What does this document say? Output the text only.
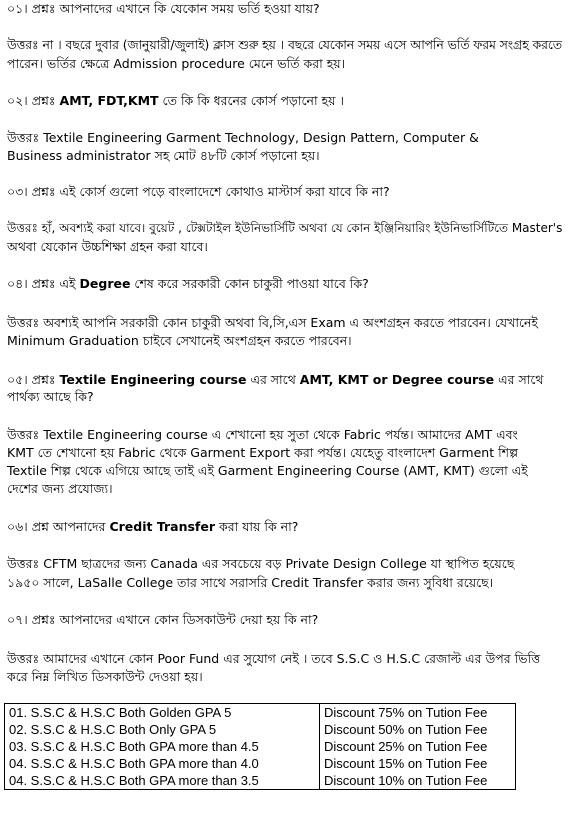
০১। প্রশ্নঃ আপনাদের এখানে কি যেকোন সময় ভর্তি হওয়া যায়?
উত্তরঃ না । বছরে দুবার (জানুয়ারী/জুলাই) ক্লাস শুরু হয় । বছরে যেকোন সময় এসে আপনি ভর্তি ফরম সংগ্রহ করতে
পারেন। ভর্তির ক্ষেত্রে Admission procedure মেনে ভর্তি করা হয়।
০২। প্রশ্নঃ AMT, FDT,KMT তে কি কি ধরনের কোর্স পড়ানো হয় ।
উত্তরঃ Textile Engineering Garment Technology, Design Pattern, Computer &
Business administrator সহ মোট ৪৮টি কোর্স পড়ানো হয়।
০৩। প্রশ্নঃ এই কোর্স গুলো পড়ে বাংলাদেশে কোথাও মাস্টার্স করা যাবে কি না?
উত্তরঃ হাঁ, অবশ্যই করা যাবে। বুয়েট , টেক্সটাইল ইউনিভার্সিটি অথবা যে কোন ইঞ্জিনিয়ারিং ইউনিভার্সিটিতে Master's
অথবা যেকোন উচ্চশিক্ষা গ্রহন করা যাবে।
০৪। প্রশ্নঃ এই Degree শেষ করে সরকারী কোন চাকুরী পাওয়া যাবে কি?
উত্তরঃ অবশ্যই আপনি সরকারী কোন চাকুরী অথবা বি,সি,এস Exam এ অংশগ্রহন করতে পারবেন। যেখানেই
Minimum Graduation চাইবে সেখানেই অংশগ্রহন করতে পারবেন।
০৫। প্রশ্নঃ Textile Engineering course এর সাথে AMT, KMT or Degree course এর সাথে
পার্থক্য আছে কি?
উত্তরঃ Textile Engineering course এ শেখানো হয় সুতা থেকে Fabric পর্যন্ত। আমাদের AMT এবং
KMT তে শেখানো হয় Fabric থেকে Garment Export করা পর্যন্ত। যেহেতু বাংলাদেশ Garment শিল্প
Textile শিল্প থেকে এগিয়ে আছে তাই এই Garment Engineering Course (AMT, KMT) গুলো এই
দেশের জন্য প্রযোজ্য।
০৬। প্রশ্ন আপনাদের Credit Transfer করা যায় কি না?
উত্তরঃ CFTM ছাত্রদের জন্য Canada এর সবচেয়ে বড় Private Design College যা স্থাপিত হয়েছে
১৯৫০ সালে, LaSalle College তার সাথে সরাসরি Credit Transfer করার জন্য সুবিধা রয়েছে।
০৭। প্রশ্নঃ আপনাদের এখানে কোন ডিসকাউন্ট দেয়া হয় কি না?
উত্তরঃ আমাদের এখানে কোন Poor Fund এর সুযোগ নেই । তবে S.S.C ও H.S.C রেজাল্ট এর উপর ভিত্তি
করে নিম্ন লিখিত ডিসকাউন্ট দেওয়া হয়।
01. S.S.C & H.S.C Both Golden GPA 5	Discount 75% on Tution Fee
02. S.S.C & H.S.C Both Only GPA 5	Discount 50% on Tution Fee
03. S.S.C & H.S.C Both GPA more than 4.5	Discount 25% on Tution Fee
04. S.S.C & H.S.C Both GPA more than 4.0	Discount 15% on Tution Fee
04. S.S.C & H.S.C Both GPA more than 3.5	Discount 10% on Tution Fee
